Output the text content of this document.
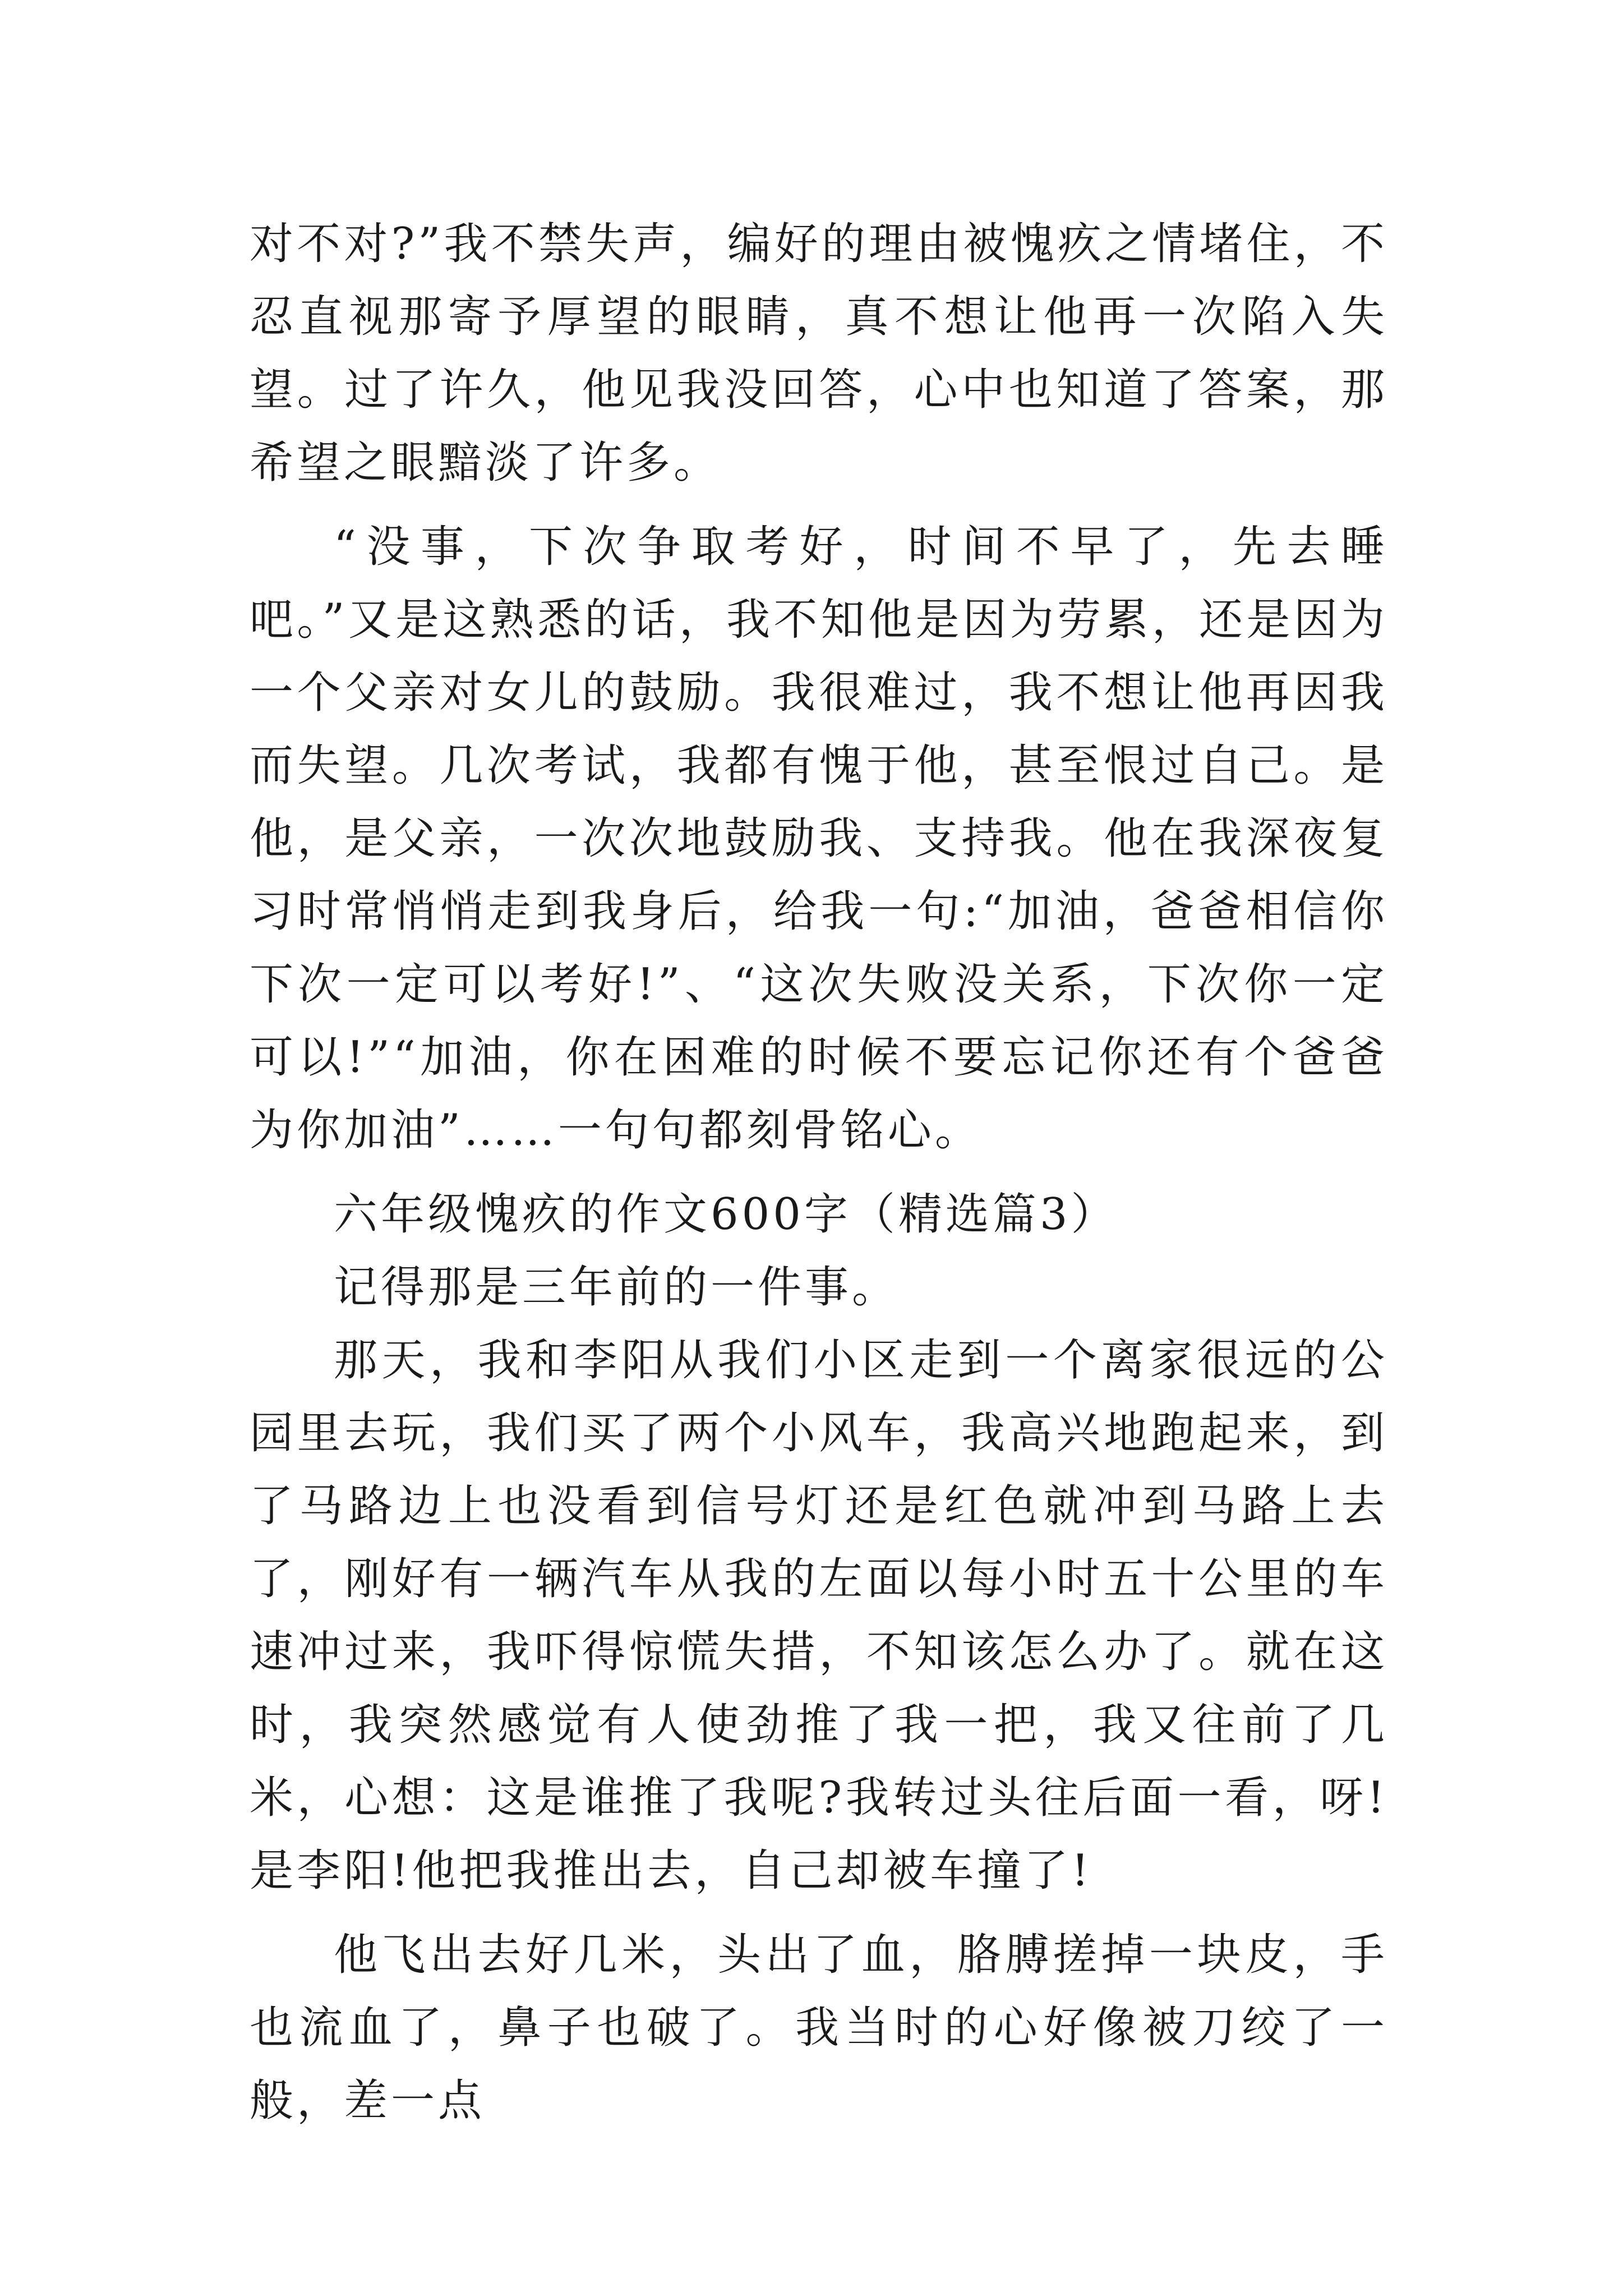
对不对?”我不禁失声，编好的理由被愧疚之情堵住，不忍直视那寄予厚望的眼睛，真不想让他再一次陷入失望。过了许久，他见我没回答，心中也知道了答案，那希望之眼黯淡了许多。

“没事，下次争取考好，时间不早了，先去睡吧。”又是这熟悉的话，我不知他是因为劳累，还是因为一个父亲对女儿的鼓励。我很难过，我不想让他再因我而失望。几次考试，我都有愧于他，甚至恨过自己。是他，是父亲，一次次地鼓励我、支持我。他在我深夜复习时常悄悄走到我身后，给我一句:“加油，爸爸相信你下次一定可以考好!”、“这次失败没关系，下次你一定可以!”“加油，你在困难的时候不要忘记你还有个爸爸为你加油”……一句句都刻骨铭心。

六年级愧疚的作文600字（精选篇3）

记得那是三年前的一件事。

那天，我和李阳从我们小区走到一个离家很远的公园里去玩，我们买了两个小风车，我高兴地跑起来，到了马路边上也没看到信号灯还是红色就冲到马路上去了，刚好有一辆汽车从我的左面以每小时五十公里的车速冲过来，我吓得惊慌失措，不知该怎么办了。就在这时，我突然感觉有人使劲推了我一把，我又往前了几米，心想：这是谁推了我呢?我转过头往后面一看，呀!是李阳!他把我推出去，自己却被车撞了!

他飞出去好几米，头出了血，胳膊搓掉一块皮，手也流血了，鼻子也破了。我当时的心好像被刀绞了一般，差一点
